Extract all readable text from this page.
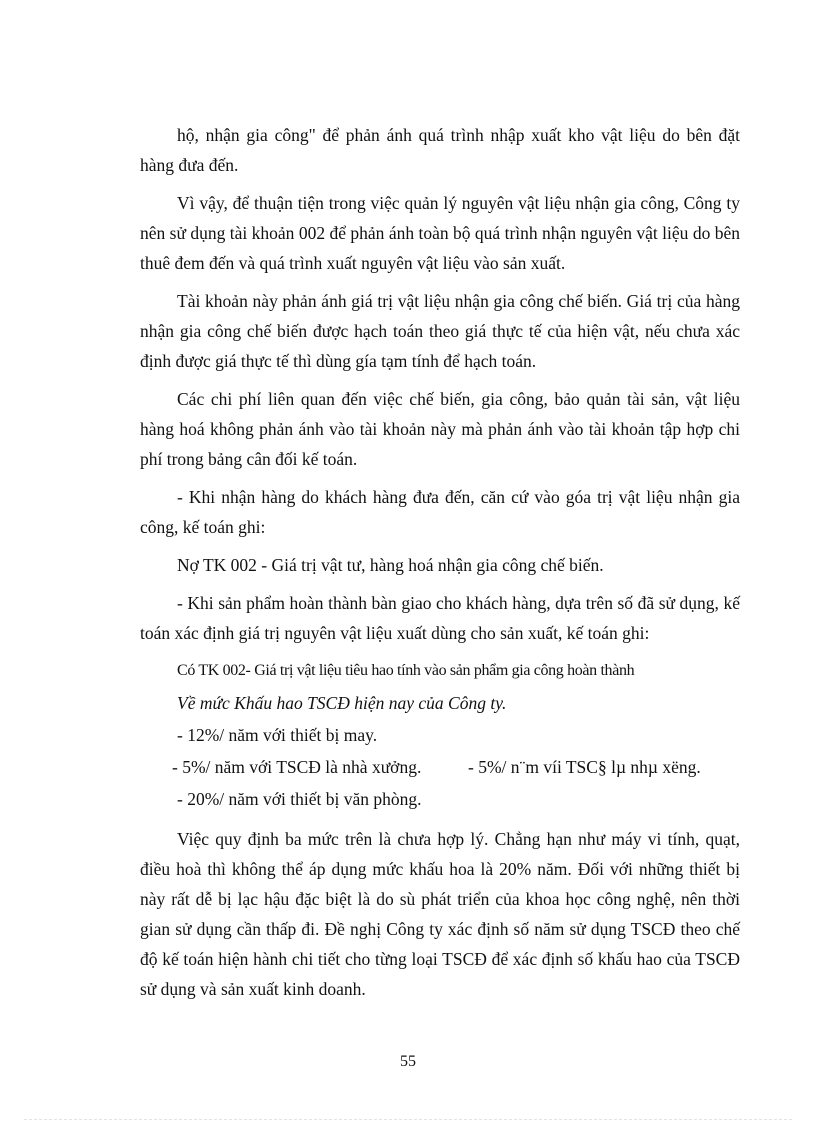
hộ, nhận gia công" để phản ánh quá trình nhập xuất kho vật liệu do bên đặt hàng đưa đến.

Vì vậy, để thuận tiện trong việc quản lý nguyên vật liệu nhận gia công, Công ty nên sử dụng tài khoản 002 để phản ánh toàn bộ quá trình nhận nguyên vật liệu do bên thuê đem đến và quá trình xuất nguyên vật liệu vào sản xuất.

Tài khoản này phản ánh giá trị vật liệu nhận gia công chế biến. Giá trị của hàng nhận gia công chế biến được hạch toán theo giá thực tế của hiện vật, nếu chưa xác định được giá thực tế thì dùng gía tạm tính để hạch toán.

Các chi phí liên quan đến việc chế biến, gia công, bảo quản tài sản, vật liệu hàng hoá không phản ánh vào tài khoản này mà phản ánh vào tài khoản tập hợp chi phí trong bảng cân đối kế toán.

- Khi nhận hàng do khách hàng đưa đến, căn cứ vào góa trị vật liệu nhận gia công, kế toán ghi:

Nợ TK 002 - Giá trị vật tư, hàng hoá nhận gia công chế biến.

- Khi sản phẩm hoàn thành bàn giao cho khách hàng, dựa trên số đã sử dụng, kế toán xác định giá trị nguyên vật liệu xuất dùng cho sản xuất, kế toán ghi:

Có TK 002- Giá trị vật liệu tiêu hao tính vào sản phẩm gia công hoàn thành

Về mức Khấu hao TSCĐ hiện nay của Công ty.

- 12%/ năm với thiết bị may.

- 5%/ năm với TSCĐ là nhà xưởng.	- 5%/ n¨m víi TSC§ lµ nhµ xëng.

- 20%/ năm với thiết bị văn phòng.

Việc quy định ba mức trên là chưa hợp lý. Chẳng hạn như máy vi tính, quạt, điều hoà thì không thể áp dụng mức khấu hoa là 20% năm. Đối với những thiết bị này rất dễ bị lạc hậu đặc biệt là do sù phát triển của khoa học công nghệ, nên thời gian sử dụng cần thấp đi. Đề nghị Công ty xác định số năm sử dụng TSCĐ theo chế độ kế toán hiện hành chi tiết cho từng loại TSCĐ để xác định số khấu hao của TSCĐ sử dụng và sản xuất kinh doanh.

55
